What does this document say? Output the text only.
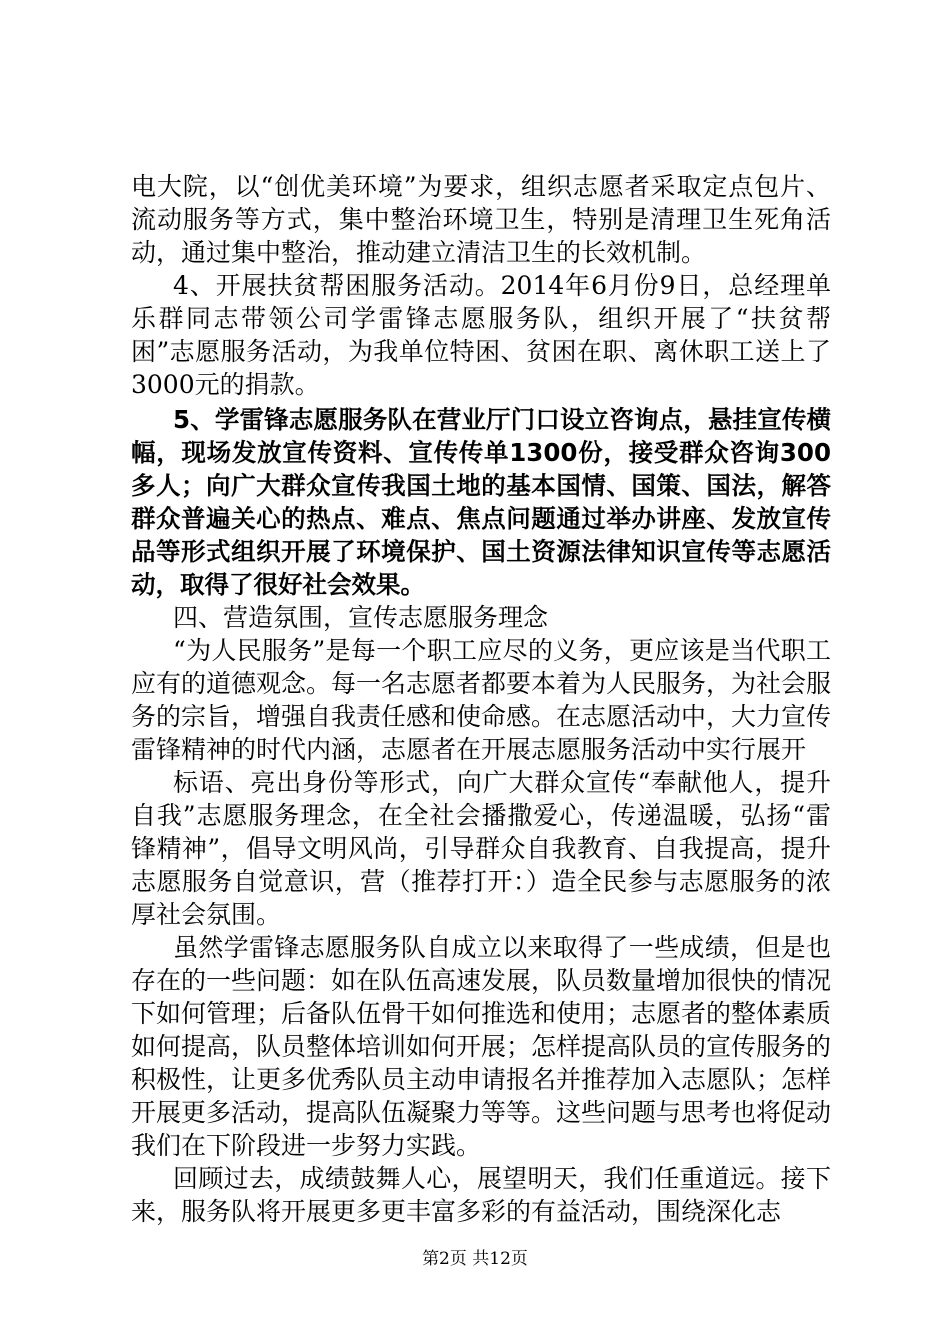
电大院，以“创优美环境”为要求，组织志愿者采取定点包片、流动服务等方式，集中整治环境卫生，特别是清理卫生死角活动，通过集中整治，推动建立清洁卫生的长效机制。

4、开展扶贫帮困服务活动。2014年6月份9日，总经理单乐群同志带领公司学雷锋志愿服务队，组织开展了“扶贫帮困”志愿服务活动，为我单位特困、贫困在职、离休职工送上了3000元的捐款。

5、学雷锋志愿服务队在营业厅门口设立咨询点，悬挂宣传横幅，现场发放宣传资料、宣传传单1300份，接受群众咨询300多人；向广大群众宣传我国土地的基本国情、国策、国法，解答群众普遍关心的热点、难点、焦点问题通过举办讲座、发放宣传品等形式组织开展了环境保护、国土资源法律知识宣传等志愿活动，取得了很好社会效果。

四、营造氛围，宣传志愿服务理念

“为人民服务”是每一个职工应尽的义务，更应该是当代职工应有的道德观念。每一名志愿者都要本着为人民服务，为社会服务的宗旨，增强自我责任感和使命感。在志愿活动中，大力宣传雷锋精神的时代内涵，志愿者在开展志愿服务活动中实行展开

标语、亮出身份等形式，向广大群众宣传“奉献他人，提升自我”志愿服务理念，在全社会播撒爱心，传递温暖，弘扬“雷锋精神”，倡导文明风尚，引导群众自我教育、自我提高，提升志愿服务自觉意识，营（推荐打开：）造全民参与志愿服务的浓厚社会氛围。

虽然学雷锋志愿服务队自成立以来取得了一些成绩，但是也存在的一些问题：如在队伍高速发展，队员数量增加很快的情况下如何管理；后备队伍骨干如何推选和使用；志愿者的整体素质如何提高，队员整体培训如何开展；怎样提高队员的宣传服务的积极性，让更多优秀队员主动申请报名并推荐加入志愿队；怎样开展更多活动，提高队伍凝聚力等等。这些问题与思考也将促动我们在下阶段进一步努力实践。

回顾过去，成绩鼓舞人心，展望明天，我们任重道远。接下来，服务队将开展更多更丰富多彩的有益活动，围绕深化志

第2页 共12页
